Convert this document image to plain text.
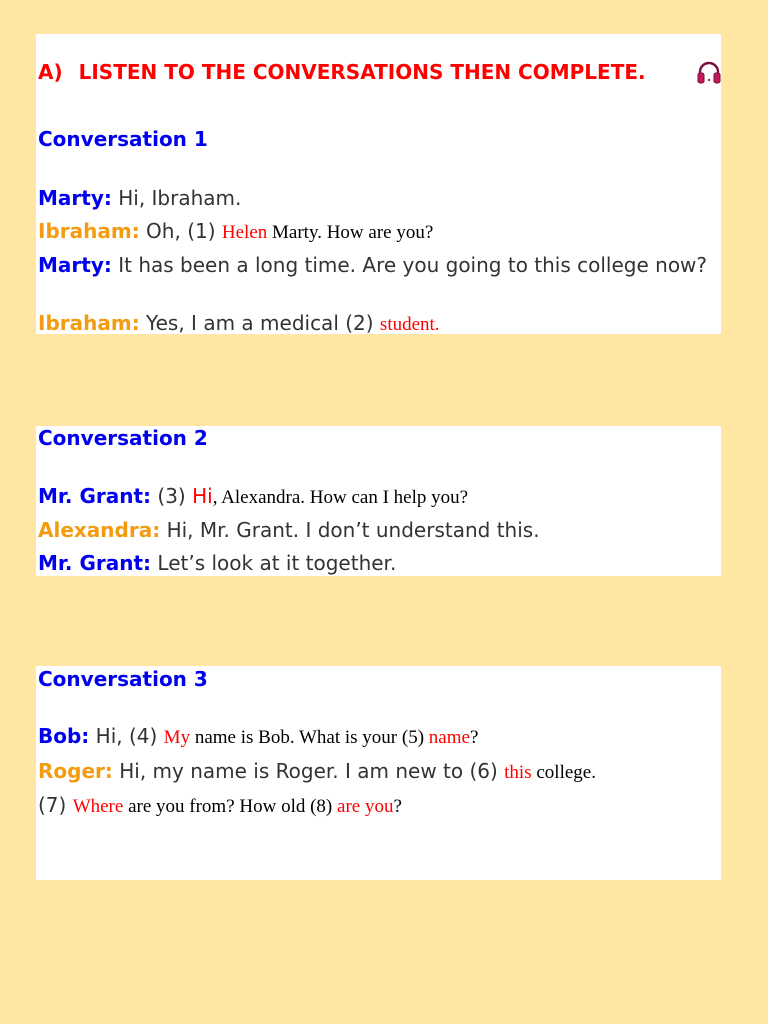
A) LISTEN TO THE CONVERSATIONS THEN COMPLETE.
Conversation 1

Marty: Hi, Ibraham.

Ibraham: Oh, (1) Helen Marty. How are you?

Marty: It has been a long time. Are you going to this college now?

Ibraham: Yes, I am a medical (2) student.

Conversation 2

Mr. Grant: (3) Hi, Alexandra. How can I help you?

Alexandra: Hi, Mr. Grant. I don’t understand this.

Mr. Grant: Let’s look at it together.

Conversation 3

Bob: Hi, (4) My name is Bob. What is your (5) name?

Roger: Hi, my name is Roger. I am new to (6) this college.

(7) Where are you from? How old (8) are you?
